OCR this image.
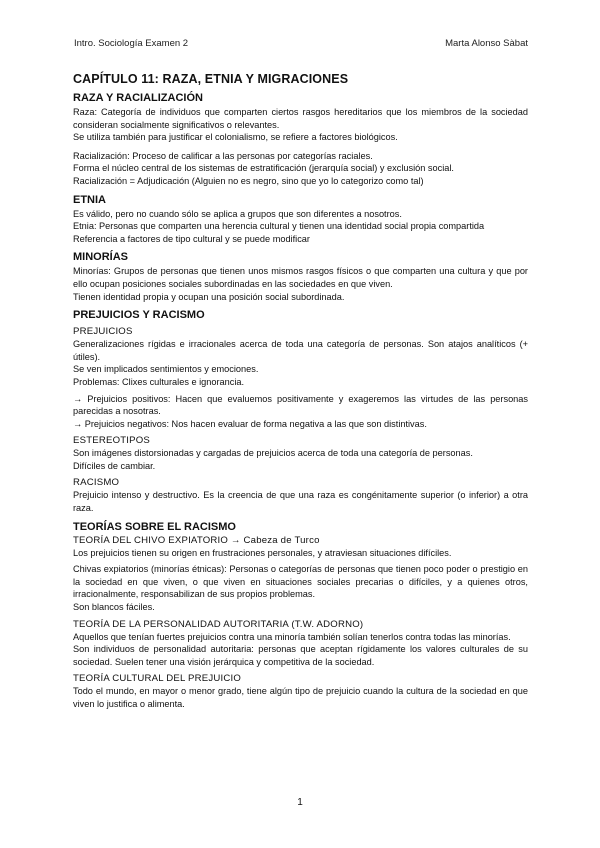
Intro. Sociología Examen 2	Marta Alonso Sàbat
CAPÍTULO 11: RAZA, ETNIA Y MIGRACIONES
RAZA Y RACIALIZACIÓN

Raza: Categoría de individuos que comparten ciertos rasgos hereditarios que los miembros de la sociedad consideran socialmente significativos o relevantes.

Se utiliza también para justificar el colonialismo, se refiere a factores biológicos.

Racialización: Proceso de calificar a las personas por categorías raciales.

Forma el núcleo central de los sistemas de estratificación (jerarquía social) y exclusión social.

Racialización = Adjudicación (Alguien no es negro, sino que yo lo categorizo como tal)

ETNIA

Es válido, pero no cuando sólo se aplica a grupos que son diferentes a nosotros.

Etnia: Personas que comparten una herencia cultural y tienen una identidad social propia compartida

Referencia a factores de tipo cultural y se puede modificar

MINORÍAS

Minorías: Grupos de personas que tienen unos mismos rasgos físicos o que comparten una cultura y que por ello ocupan posiciones sociales subordinadas en las sociedades en que viven.

Tienen identidad propia y ocupan una posición social subordinada.

PREJUICIOS Y RACISMO
PREJUICIOS

Generalizaciones rígidas e irracionales acerca de toda una categoría de personas. Son atajos analíticos (+ útiles).

Se ven implicados sentimientos y emociones.

Problemas: Clixes culturales e ignorancia.

→ Prejuicios positivos: Hacen que evaluemos positivamente y exageremos las virtudes de las personas parecidas a nosotras.

→ Prejuicios negativos: Nos hacen evaluar de forma negativa a las que son distintivas.

ESTEREOTIPOS

Son imágenes distorsionadas y cargadas de prejuicios acerca de toda una categoría de personas.

Difíciles de cambiar.

RACISMO

Prejuicio intenso y destructivo. Es la creencia de que una raza es congénitamente superior (o inferior) a otra raza.

TEORÍAS SOBRE EL RACISMO
TEORÍA DEL CHIVO EXPIATORIO → Cabeza de Turco

Los prejuicios tienen su origen en frustraciones personales, y atraviesan situaciones difíciles.

Chivas expiatorios (minorías étnicas): Personas o categorías de personas que tienen poco poder o prestigio en la sociedad en que viven, o que viven en situaciones sociales precarias o difíciles, y a quienes otros, irracionalmente, responsabilizan de sus propios problemas.

Son blancos fáciles.

TEORÍA DE LA PERSONALIDAD AUTORITARIA (T.W. ADORNO)

Aquellos que tenían fuertes prejuicios contra una minoría también solían tenerlos contra todas las minorías.

Son individuos de personalidad autoritaria: personas que aceptan rígidamente los valores culturales de su sociedad. Suelen tener una visión jerárquica y competitiva de la sociedad.

TEORÍA CULTURAL DEL PREJUICIO

Todo el mundo, en mayor o menor grado, tiene algún tipo de prejuicio cuando la cultura de la sociedad en que viven lo justifica o alimenta.

1
